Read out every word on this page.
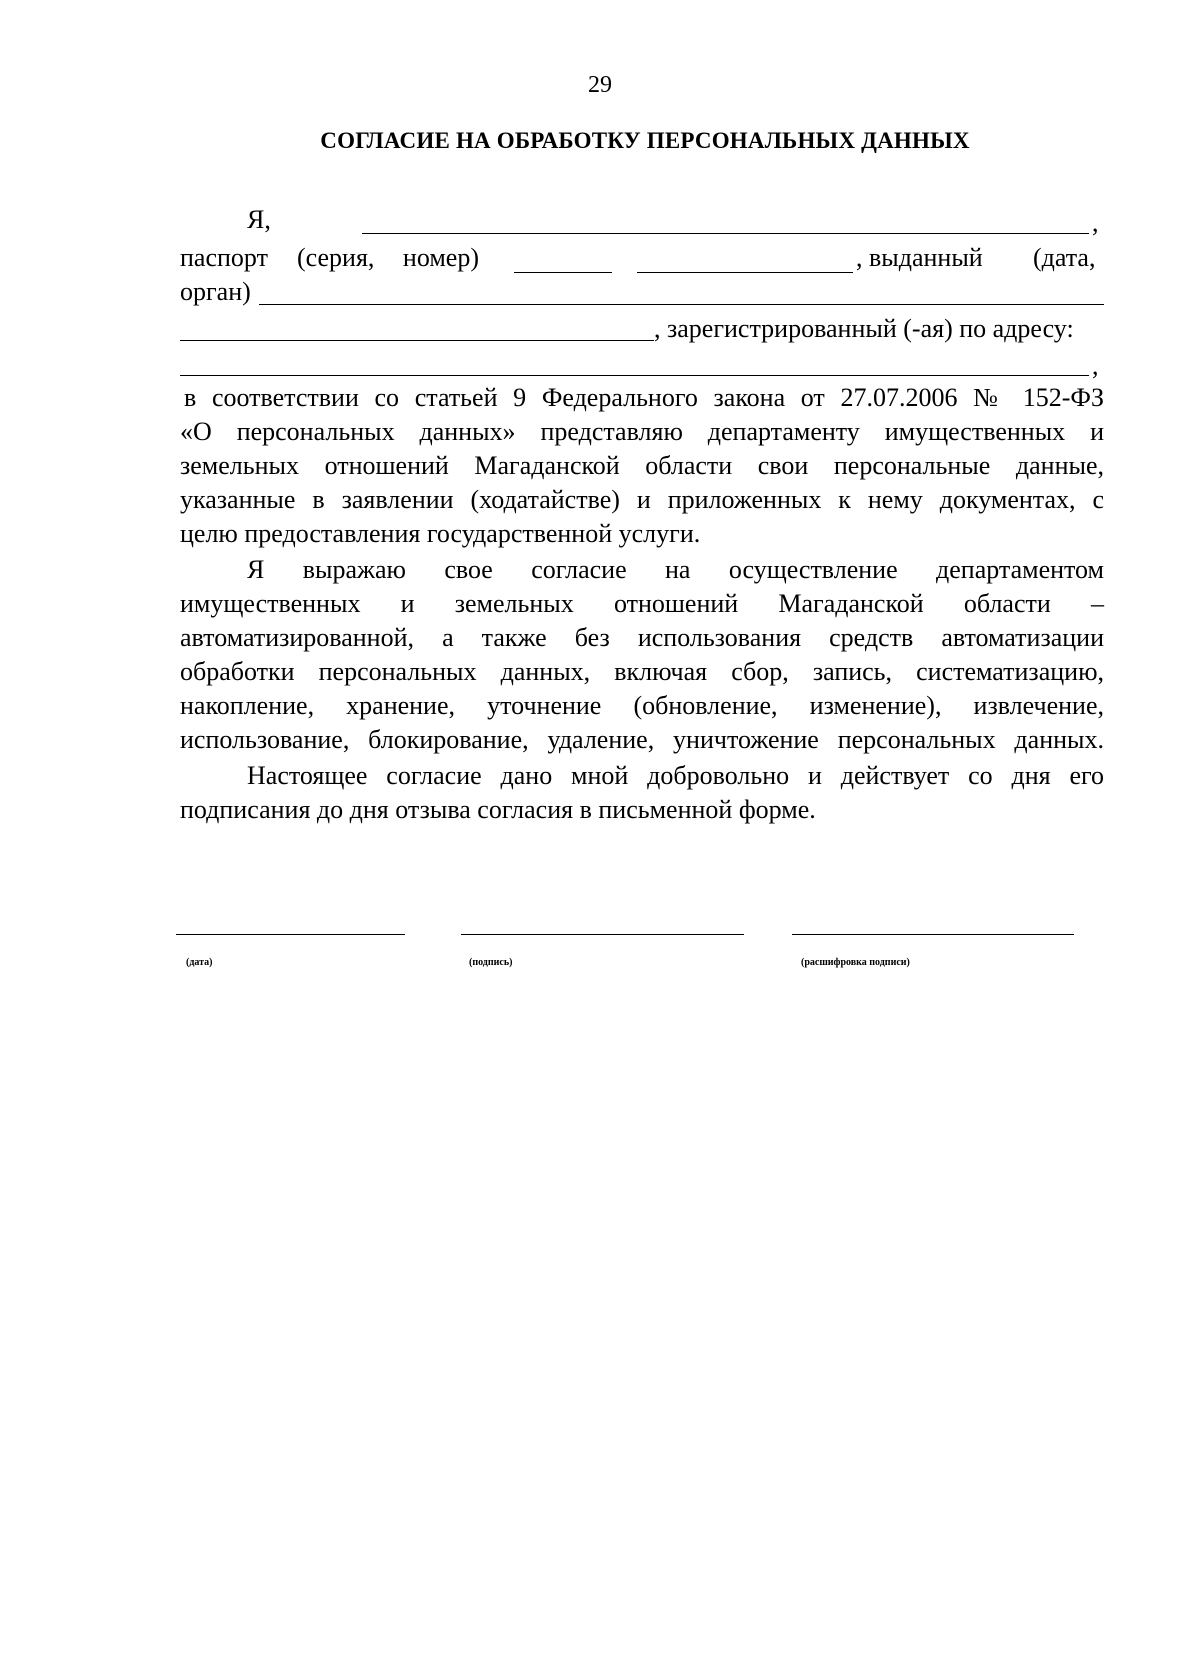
29
СОГЛАСИЕ НА ОБРАБОТКУ ПЕРСОНАЛЬНЫХ ДАННЫХ
Я,	,
паспорт (серия, номер)	, выданный (дата,
орган)
, зарегистрированный (-ая) по адресу:
,
в соответствии со статьей 9 Федерального закона от 27.07.2006 № 152-ФЗ
«О персональных данных» представляю департаменту имущественных и
земельных отношений Магаданской области свои персональные данные,
указанные в заявлении (ходатайстве) и приложенных к нему документах, с
целю предоставления государственной услуги.
Я выражаю свое согласие на осуществление департаментом
имущественных и земельных отношений Магаданской области –
автоматизированной, а также без использования средств автоматизации
обработки персональных данных, включая сбор, запись, систематизацию,
накопление, хранение, уточнение (обновление, изменение), извлечение,
использование, блокирование, удаление, уничтожение персональных данных.
Настоящее согласие дано мной добровольно и действует со дня его
подписания до дня отзыва согласия в письменной форме.
(дата)	(подпись)	(расшифровка подписи)
